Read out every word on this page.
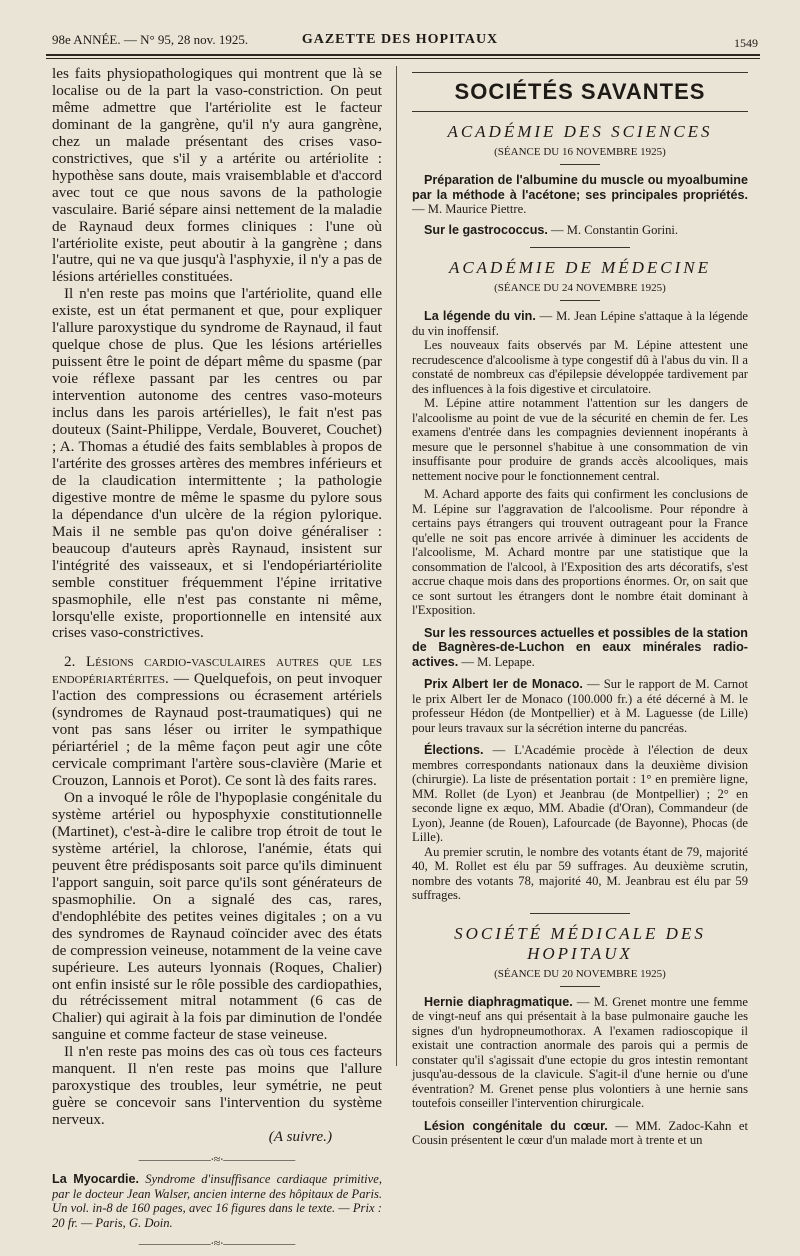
98e ANNÉE. — N° 95, 28 nov. 1925.	GAZETTE DES HOPITAUX	1549

les faits physiopathologiques qui montrent que là se localise ou de la part la vaso-constriction. On peut même admettre que l'artériolite est le facteur dominant de la gangrène, qu'il n'y aura gangrène, chez un malade présentant des crises vaso-constrictives, que s'il y a artérite ou artériolite : hypothèse sans doute, mais vraisemblable et d'accord avec tout ce que nous savons de la pathologie vasculaire. Barié sépare ainsi nettement de la maladie de Raynaud deux formes cliniques : l'une où l'artériolite existe, peut aboutir à la gangrène ; dans l'autre, qui ne va que jusqu'à l'asphyxie, il n'y a pas de lésions artérielles constituées.

Il n'en reste pas moins que l'artériolite, quand elle existe, est un état permanent et que, pour expliquer l'allure paroxystique du syndrome de Raynaud, il faut quelque chose de plus. Que les lésions artérielles puissent être le point de départ même du spasme (par voie réflexe passant par les centres ou par intervention autonome des centres vaso-moteurs inclus dans les parois artérielles), le fait n'est pas douteux (Saint-Philippe, Verdale, Bouveret, Couchet) ; A. Thomas a étudié des faits semblables à propos de l'artérite des grosses artères des membres inférieurs et de la claudication intermittente ; la pathologie digestive montre de même le spasme du pylore sous la dépendance d'un ulcère de la région pylorique. Mais il ne semble pas qu'on doive généraliser : beaucoup d'auteurs après Raynaud, insistent sur l'intégrité des vaisseaux, et si l'endopériartériolite semble constituer fréquemment l'épine irritative spasmophile, elle n'est pas constante ni même, lorsqu'elle existe, proportionnelle en intensité aux crises vaso-constrictives.

2. Lésions cardio-vasculaires autres que les endopériartérites. — Quelquefois, on peut invoquer l'action des compressions ou écrasement artériels (syndromes de Raynaud post-traumatiques) qui ne vont pas sans léser ou irriter le sympathique périartériel ; de la même façon peut agir une côte cervicale comprimant l'artère sous-clavière (Marie et Crouzon, Lannois et Porot). Ce sont là des faits rares.

On a invoqué le rôle de l'hypoplasie congénitale du système artériel ou hyposphyxie constitutionnelle (Martinet), c'est-à-dire le calibre trop étroit de tout le système artériel, la chlorose, l'anémie, états qui peuvent être prédisposants soit parce qu'ils diminuent l'apport sanguin, soit parce qu'ils sont générateurs de spasmophilie. On a signalé des cas, rares, d'endophlébite des petites veines digitales ; on a vu des syndromes de Raynaud coïncider avec des états de compression veineuse, notamment de la veine cave supérieure. Les auteurs lyonnais (Roques, Chalier) ont enfin insisté sur le rôle possible des cardiopathies, du rétrécissement mitral notamment (6 cas de Chalier) qui agirait à la fois par diminution de l'ondée sanguine et comme facteur de stase veineuse.

Il n'en reste pas moins des cas où tous ces facteurs manquent. Il n'en reste pas moins que l'allure paroxystique des troubles, leur symétrie, ne peut guère se concevoir sans l'intervention du système nerveux.

(A suivre.)

——————∙≈∙——————

La Myocardie. Syndrome d'insuffisance cardiaque primitive, par le docteur Jean Walser, ancien interne des hôpitaux de Paris. Un vol. in-8 de 160 pages, avec 16 figures dans le texte. — Prix : 20 fr. — Paris, G. Doin.

——————∙≈∙——————
SOCIÉTÉS SAVANTES
ACADÉMIE DES SCIENCES
(SÉANCE DU 16 NOVEMBRE 1925)

Préparation de l'albumine du muscle ou myoalbumine par la méthode à l'acétone; ses principales propriétés. — M. Maurice Piettre.

Sur le gastrococcus. — M. Constantin Gorini.

ACADÉMIE DE MÉDECINE
(SÉANCE DU 24 NOVEMBRE 1925)

La légende du vin. — M. Jean Lépine s'attaque à la légende du vin inoffensif.

Les nouveaux faits observés par M. Lépine attestent une recrudescence d'alcoolisme à type congestif dû à l'abus du vin. Il a constaté de nombreux cas d'épilepsie développée tardivement par des influences à la fois digestive et circulatoire.

M. Lépine attire notamment l'attention sur les dangers de l'alcoolisme au point de vue de la sécurité en chemin de fer. Les examens d'entrée dans les compagnies deviennent inopérants à mesure que le personnel s'habitue à une consommation de vin insuffisante pour produire de grands accès alcooliques, mais nettement nocive pour le fonctionnement central.

M. Achard apporte des faits qui confirment les conclusions de M. Lépine sur l'aggravation de l'alcoolisme. Pour répondre à certains pays étrangers qui trouvent outrageant pour la France qu'elle ne soit pas encore arrivée à diminuer les accidents de l'alcoolisme, M. Achard montre par une statistique que la consommation de l'alcool, à l'Exposition des arts décoratifs, s'est accrue chaque mois dans des proportions énormes. Or, on sait que ce sont surtout les étrangers dont le nombre était dominant à l'Exposition.

Sur les ressources actuelles et possibles de la station de Bagnères-de-Luchon en eaux minérales radio-actives. — M. Lepape.

Prix Albert Ier de Monaco. — Sur le rapport de M. Carnot le prix Albert Ier de Monaco (100.000 fr.) a été décerné à M. le professeur Hédon (de Montpellier) et à M. Laguesse (de Lille) pour leurs travaux sur la sécrétion interne du pancréas.

Élections. — L'Académie procède à l'élection de deux membres correspondants nationaux dans la deuxième division (chirurgie). La liste de présentation portait : 1° en première ligne, MM. Rollet (de Lyon) et Jeanbrau (de Montpellier) ; 2° en seconde ligne ex æquo, MM. Abadie (d'Oran), Commandeur (de Lyon), Jeanne (de Rouen), Lafourcade (de Bayonne), Phocas (de Lille).

Au premier scrutin, le nombre des votants étant de 79, majorité 40, M. Rollet est élu par 59 suffrages. Au deuxième scrutin, nombre des votants 78, majorité 40, M. Jeanbrau est élu par 59 suffrages.

SOCIÉTÉ MÉDICALE DES HOPITAUX
(SÉANCE DU 20 NOVEMBRE 1925)

Hernie diaphragmatique. — M. Grenet montre une femme de vingt-neuf ans qui présentait à la base pulmonaire gauche les signes d'un hydropneumothorax. A l'examen radioscopique il existait une contraction anormale des parois qui a permis de constater qu'il s'agissait d'une ectopie du gros intestin remontant jusqu'au-dessous de la clavicule. S'agit-il d'une hernie ou d'une éventration? M. Grenet pense plus volontiers à une hernie sans toutefois conseiller l'intervention chirurgicale.

Lésion congénitale du cœur. — MM. Zadoc-Kahn et Cousin présentent le cœur d'un malade mort à trente et un
